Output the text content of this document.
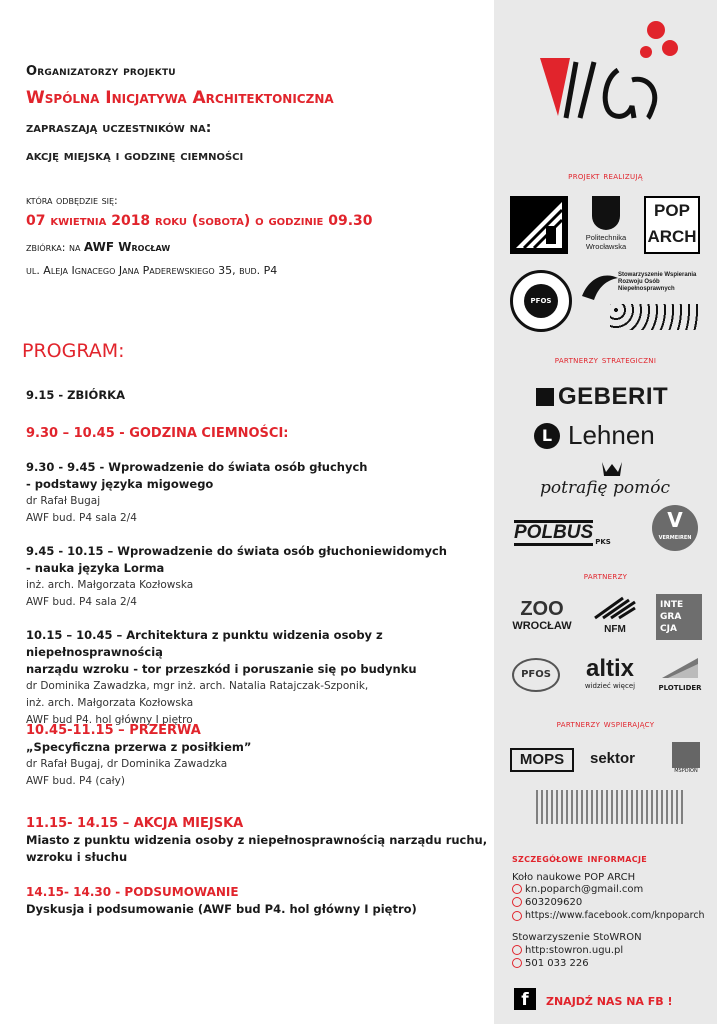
Organizatorzy projektu
Wspólna Inicjatywa Architektoniczna
zapraszają uczestników na:
akcję miejską i godzinę ciemności
która odbędzie się:
07 kwietnia 2018 roku (sobota) o godzinie 09.30
zbiórka: na AWF Wrocław
ul. Aleja Ignacego Jana Paderewskiego 35, bud. P4
PROGRAM:
9.15 - ZBIÓRKA
9.30 – 10.45 - GODZINA CIEMNOŚCI:
9.30 - 9.45 - Wprowadzenie do świata osób głuchych
- podstawy języka migowego
dr Rafał Bugaj
AWF bud. P4 sala 2/4
9.45 - 10.15 – Wprowadzenie do świata osób głuchoniewidomych
- nauka języka Lorma
inż. arch. Małgorzata Kozłowska
AWF bud. P4 sala 2/4
10.15 – 10.45 – Architektura z punktu widzenia osoby z niepełnosprawnością
narządu wzroku - tor przeszkód i poruszanie się po budynku
dr Dominika Zawadzka, mgr inż. arch. Natalia Ratajczak-Szponik,
inż. arch. Małgorzata Kozłowska
AWF bud P4. hol główny I piętro
10.45-11.15 – PRZERWA
„Specyficzna przerwa z posiłkiem”
dr Rafał Bugaj, dr Dominika Zawadzka
AWF bud. P4 (cały)
11.15- 14.15 – AKCJA MIEJSKA
Miasto z punktu widzenia osoby z niepełnosprawnością narządu ruchu,
wzroku i słuchu
14.15- 14.30 - PODSUMOWANIE
Dyskusja i podsumowanie (AWF bud P4. hol główny I piętro)
projekt realizują
Politechnika Wrocławska
POP
ARCH
PFOS
Stowarzyszenie Wspierania Rozwoju Osób Niepełnosprawnych
partnerzy strategiczni
GEBERIT
L Lehnen
potrafię pomóc
POLBUS PKS
V
VERMEIREN
partnerzy
ZOO
WROCŁAW	NFM
INTE
GRA
CJA
PFOS	altix
widzieć więcej	PLOTLIDER
partnerzy wspierający
MOPS	sektor
MSPDION
szczegółowe informacje
Koło naukowe POP ARCH
kn.poparch@gmail.com
603209620
https://www.facebook.com/knpoparch
Stowarzyszenie StoWRON
http:stowron.ugu.pl
501 033 226
f	ZNAJDŹ NAS NA FB !
